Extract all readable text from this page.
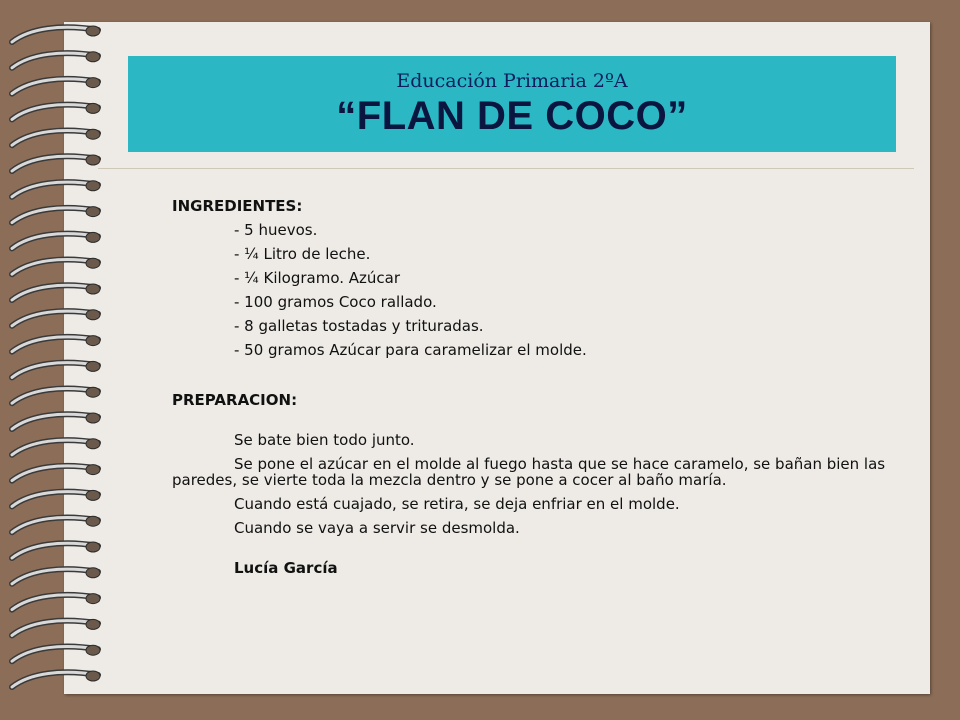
Educación Primaria 2ºA
“FLAN DE COCO”
INGREDIENTES:
- 5 huevos.
- ¼ Litro de leche.
- ¼ Kilogramo. Azúcar
- 100 gramos Coco rallado.
- 8 galletas tostadas y trituradas.
- 50 gramos Azúcar para caramelizar el molde.
PREPARACION:

Se bate bien todo junto.

Se pone el azúcar en el molde al fuego hasta que se hace caramelo, se bañan bien las paredes, se vierte toda la mezcla dentro y se pone a cocer al baño maría.

Cuando está cuajado, se retira, se deja enfriar en el molde.

Cuando se vaya a servir se desmolda.

Lucía García
